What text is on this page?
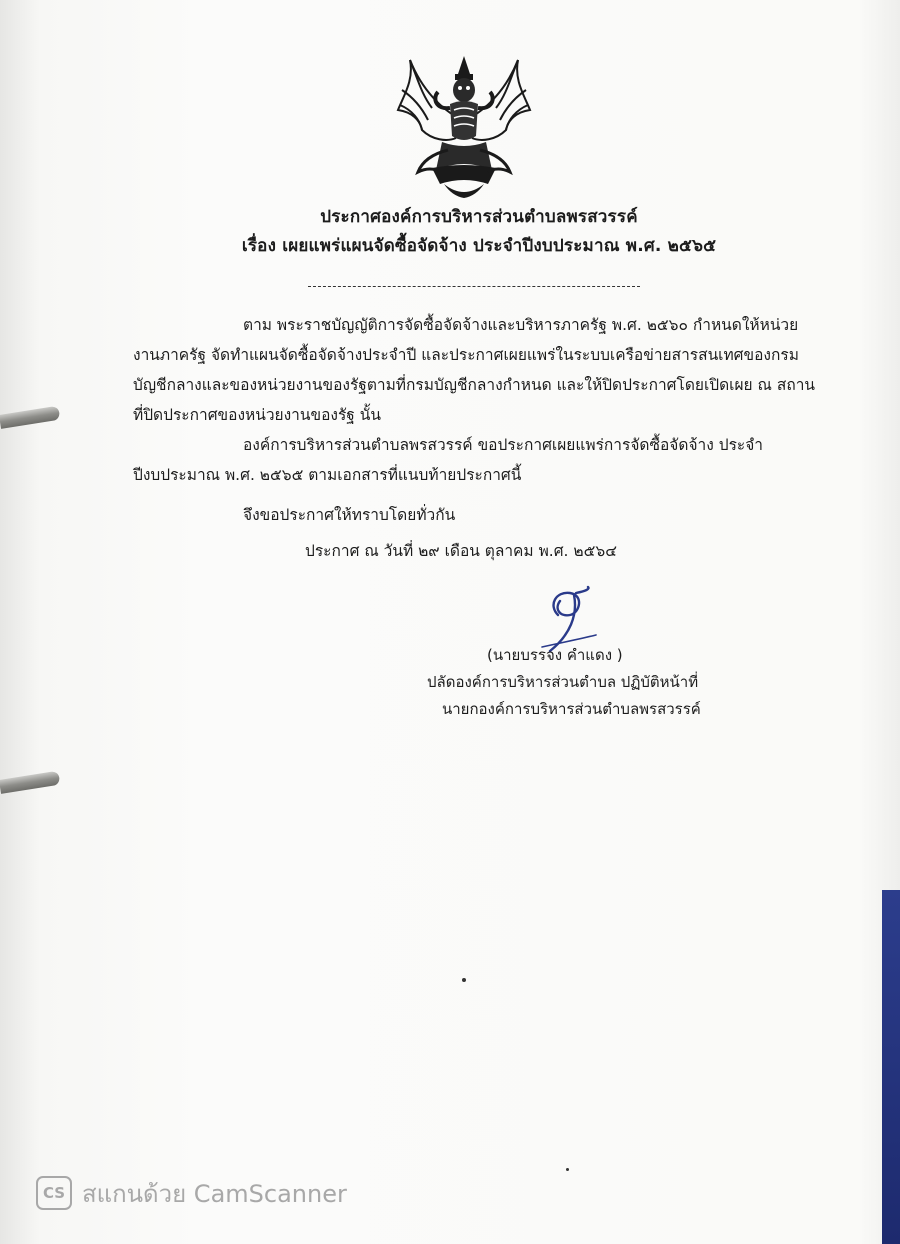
ประกาศองค์การบริหารส่วนตำบลพรสวรรค์
เรื่อง เผยแพร่แผนจัดซื้อจัดจ้าง ประจำปีงบประมาณ พ.ศ. ๒๕๖๕
ตาม พระราชบัญญัติการจัดซื้อจัดจ้างและบริหารภาครัฐ พ.ศ. ๒๕๖๐ กำหนดให้หน่วยงานภาครัฐ จัดทำแผนจัดซื้อจัดจ้างประจำปี และประกาศเผยแพร่ในระบบเครือข่ายสารสนเทศของกรมบัญชีกลางและของหน่วยงานของรัฐตามที่กรมบัญชีกลางกำหนด และให้ปิดประกาศโดยเปิดเผย ณ สถานที่ปิดประกาศของหน่วยงานของรัฐ นั้น
องค์การบริหารส่วนตำบลพรสวรรค์ ขอประกาศเผยแพร่การจัดซื้อจัดจ้าง ประจำปีงบประมาณ พ.ศ. ๒๕๖๕ ตามเอกสารที่แนบท้ายประกาศนี้
จึงขอประกาศให้ทราบโดยทั่วกัน
ประกาศ ณ วันที่ ๒๙ เดือน ตุลาคม พ.ศ. ๒๕๖๔
(นายบรรจง คำแดง )
ปลัดองค์การบริหารส่วนตำบล ปฏิบัติหน้าที่
นายกองค์การบริหารส่วนตำบลพรสวรรค์
CS สแกนด้วย CamScanner
